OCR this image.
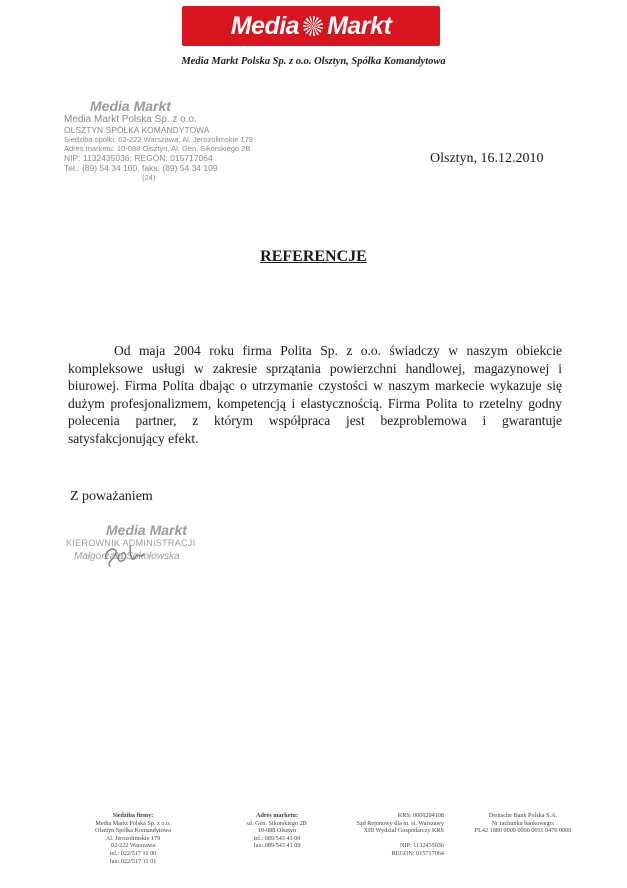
Media Markt
Media Markt Polska Sp. z o.o. Olsztyn, Spółka Komandytowa
Media Markt
Media Markt Polska Sp. z o.o.
OLSZTYN SPÓŁKA KOMANDYTOWA
Siedziba spółki: 02-222 Warszawa, Al. Jerozolimskie 179
Adres marketu: 10-088 Olsztyn, Al. Gen. Sikorskiego 2B
NIP: 1132435036; REGON: 015717064
Tel.: (89) 54 34 100, faks: (89) 54 34 109
(24)
Olsztyn, 16.12.2010
REFERENCJE
Od maja 2004 roku firma Polita Sp. z o.o. świadczy w naszym obiekcie kompleksowe usługi w zakresie sprzątania powierzchni handlowej, magazynowej i biurowej. Firma Polita dbając o utrzymanie czystości w naszym markecie wykazuje się dużym profesjonalizmem, kompetencją i elastycznością. Firma Polita to rzetelny godny polecenia partner, z którym współpraca jest bezproblemowa i gwarantuje satysfakcjonujący efekt.
Z poważaniem
Media Markt
KIEROWNIK ADMINISTRACJI
Małgorzata Sokołowska
Siedziba firmy:
Media Markt Polska Sp. z o.o.
Olsztyn Spółka Komandytowa
Al. Jerozolimskie 179
02-222 Warszawa
tel.: 022/517 11 00
fax: 022/517 11 01
Adres marketu:
ul. Gen. Sikorskiego 2B
10-088 Olsztyn
tel.: 089/543 41 00
fax: 089/543 41 09
KRS: 0000204108
Sąd Rejonowy dla m. st. Warszawy
XIII Wydział Gospodarczy KRS
NIP: 1132435036
REGON: 015717064
Deutsche Bank Polska S.A.
Nr rachunku bankowego:
PL42 1880 0009 0000 0011 0470 0000
